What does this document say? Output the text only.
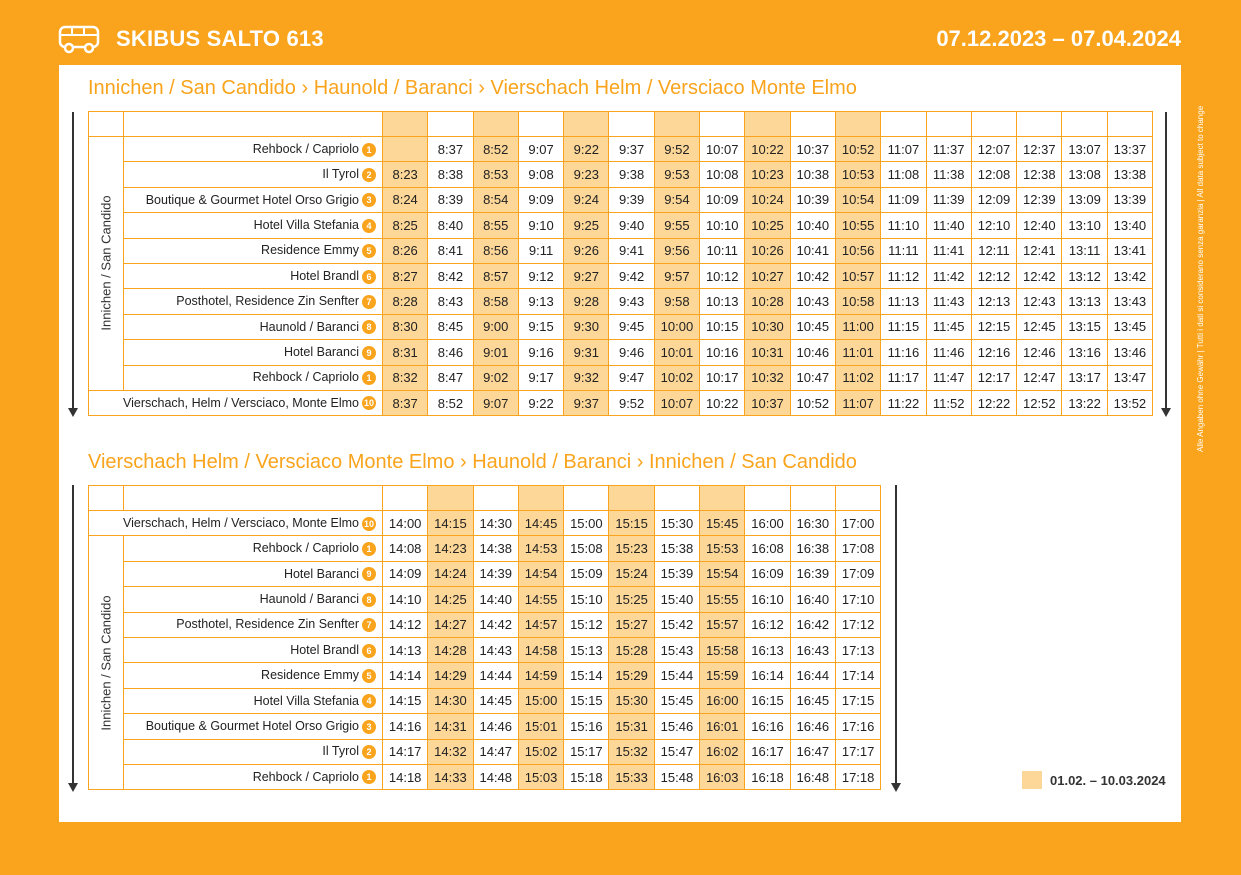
SKIBUS SALTO 613	07.12.2023 – 07.04.2024
Alle Angaben ohne Gewähr | Tutti i dati si considerano senza garanzia | All data subject to change
Innichen / San Candido › Haunold / Baranci › Vierschach Helm / Versciaco Monte Elmo

Innichen / San Candido	Rehbock / Capriolo 1		8:37	8:52	9:07	9:22	9:37	9:52	10:07	10:22	10:37	10:52	11:07	11:37	12:07	12:37	13:07	13:37
	Il Tyrol 2	8:23	8:38	8:53	9:08	9:23	9:38	9:53	10:08	10:23	10:38	10:53	11:08	11:38	12:08	12:38	13:08	13:38
	Boutique & Gourmet Hotel Orso Grigio 3	8:24	8:39	8:54	9:09	9:24	9:39	9:54	10:09	10:24	10:39	10:54	11:09	11:39	12:09	12:39	13:09	13:39
	Hotel Villa Stefania 4	8:25	8:40	8:55	9:10	9:25	9:40	9:55	10:10	10:25	10:40	10:55	11:10	11:40	12:10	12:40	13:10	13:40
	Residence Emmy 5	8:26	8:41	8:56	9:11	9:26	9:41	9:56	10:11	10:26	10:41	10:56	11:11	11:41	12:11	12:41	13:11	13:41
	Hotel Brandl 6	8:27	8:42	8:57	9:12	9:27	9:42	9:57	10:12	10:27	10:42	10:57	11:12	11:42	12:12	12:42	13:12	13:42
	Posthotel, Residence Zin Senfter 7	8:28	8:43	8:58	9:13	9:28	9:43	9:58	10:13	10:28	10:43	10:58	11:13	11:43	12:13	12:43	13:13	13:43
	Haunold / Baranci 8	8:30	8:45	9:00	9:15	9:30	9:45	10:00	10:15	10:30	10:45	11:00	11:15	11:45	12:15	12:45	13:15	13:45
	Hotel Baranci 9	8:31	8:46	9:01	9:16	9:31	9:46	10:01	10:16	10:31	10:46	11:01	11:16	11:46	12:16	12:46	13:16	13:46
	Rehbock / Capriolo 1	8:32	8:47	9:02	9:17	9:32	9:47	10:02	10:17	10:32	10:47	11:02	11:17	11:47	12:17	12:47	13:17	13:47
Vierschach, Helm / Versciaco, Monte Elmo 10		8:37	8:52	9:07	9:22	9:37	9:52	10:07	10:22	10:37	10:52	11:07	11:22	11:52	12:22	12:52	13:22	13:52
Vierschach Helm / Versciaco Monte Elmo › Haunold / Baranci › Innichen / San Candido

Vierschach, Helm / Versciaco, Monte Elmo 10		14:00	14:15	14:30	14:45	15:00	15:15	15:30	15:45	16:00	16:30	17:00

Innichen / San Candido	Rehbock / Capriolo 1	14:08	14:23	14:38	14:53	15:08	15:23	15:38	15:53	16:08	16:38	17:08
	Hotel Baranci 9	14:09	14:24	14:39	14:54	15:09	15:24	15:39	15:54	16:09	16:39	17:09
	Haunold / Baranci 8	14:10	14:25	14:40	14:55	15:10	15:25	15:40	15:55	16:10	16:40	17:10
	Posthotel, Residence Zin Senfter 7	14:12	14:27	14:42	14:57	15:12	15:27	15:42	15:57	16:12	16:42	17:12
	Hotel Brandl 6	14:13	14:28	14:43	14:58	15:13	15:28	15:43	15:58	16:13	16:43	17:13
	Residence Emmy 5	14:14	14:29	14:44	14:59	15:14	15:29	15:44	15:59	16:14	16:44	17:14
	Hotel Villa Stefania 4	14:15	14:30	14:45	15:00	15:15	15:30	15:45	16:00	16:15	16:45	17:15
	Boutique & Gourmet Hotel Orso Grigio 3	14:16	14:31	14:46	15:01	15:16	15:31	15:46	16:01	16:16	16:46	17:16
	Il Tyrol 2	14:17	14:32	14:47	15:02	15:17	15:32	15:47	16:02	16:17	16:47	17:17
	Rehbock / Capriolo 1	14:18	14:33	14:48	15:03	15:18	15:33	15:48	16:03	16:18	16:48	17:18	01.02. – 10.03.2024
